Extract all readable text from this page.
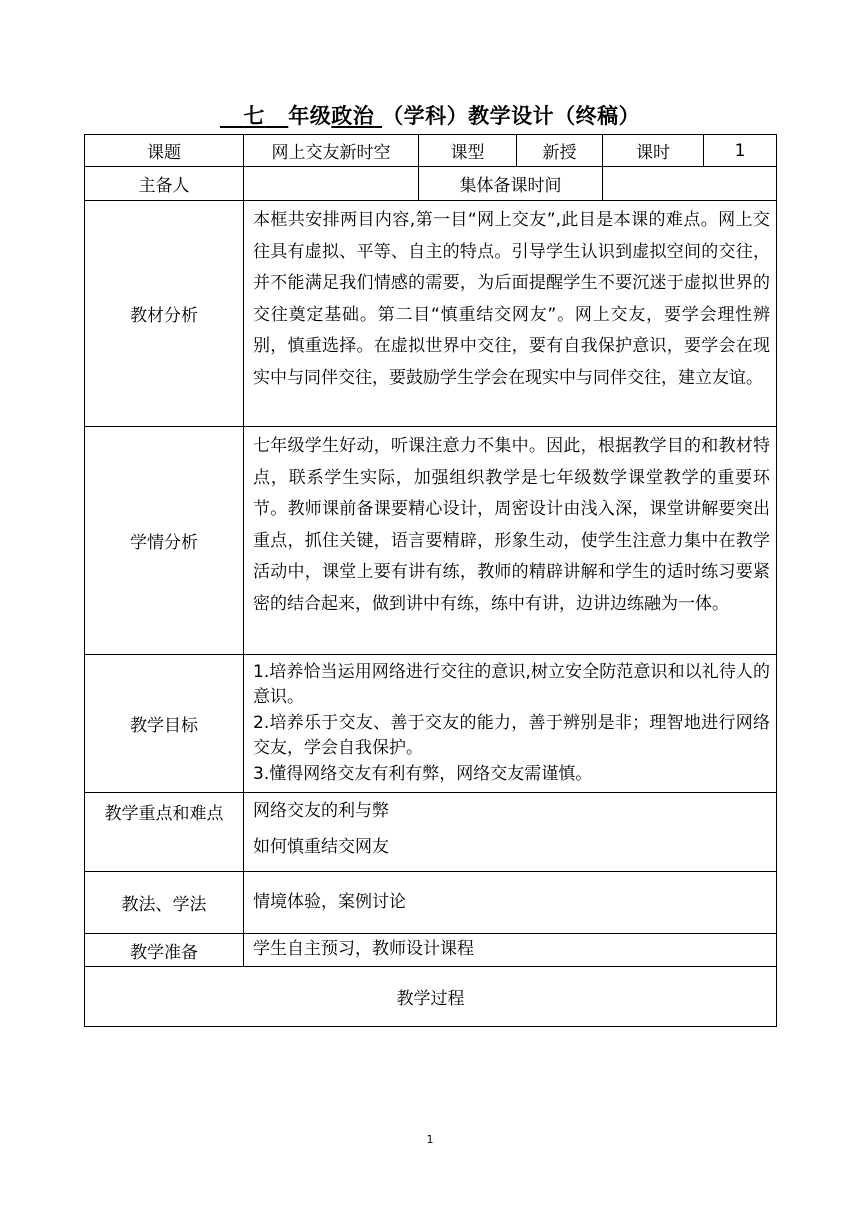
七 年级政治 （学科）教学设计（终稿）
课题	网上交友新时空	课型	新授	课时	1
主备人		集体备课时间			
教材分析	本框共安排两目内容,第一目“网上交友”,此目是本课的难点。网上交往具有虚拟、平等、自主的特点。引导学生认识到虚拟空间的交往，并不能满足我们情感的需要，为后面提醒学生不要沉迷于虚拟世界的交往奠定基础。第二目“慎重结交网友”。网上交友，要学会理性辨别，慎重选择。在虚拟世界中交往，要有自我保护意识，要学会在现实中与同伴交往，要鼓励学生学会在现实中与同伴交往，建立友谊。				
学情分析	七年级学生好动，听课注意力不集中。因此，根据教学目的和教材特点，联系学生实际，加强组织教学是七年级数学课堂教学的重要环节。教师课前备课要精心设计，周密设计由浅入深，课堂讲解要突出重点，抓住关键，语言要精辟，形象生动，使学生注意力集中在教学活动中，课堂上要有讲有练，教师的精辟讲解和学生的适时练习要紧密的结合起来，做到讲中有练，练中有讲，边讲边练融为一体。				
教学目标	1.培养恰当运用网络进行交往的意识,树立安全防范意识和以礼待人的意识。
2.培养乐于交友、善于交友的能力，善于辨别是非；理智地进行网络交友，学会自我保护。
3.懂得网络交友有利有弊，网络交友需谨慎。				

教学重点和难点	网络交友的利与弊
如何慎重结交网友				

教法、学法	情境体验，案例讨论				
教学准备	学生自主预习，教师设计课程				
教学过程					
1
